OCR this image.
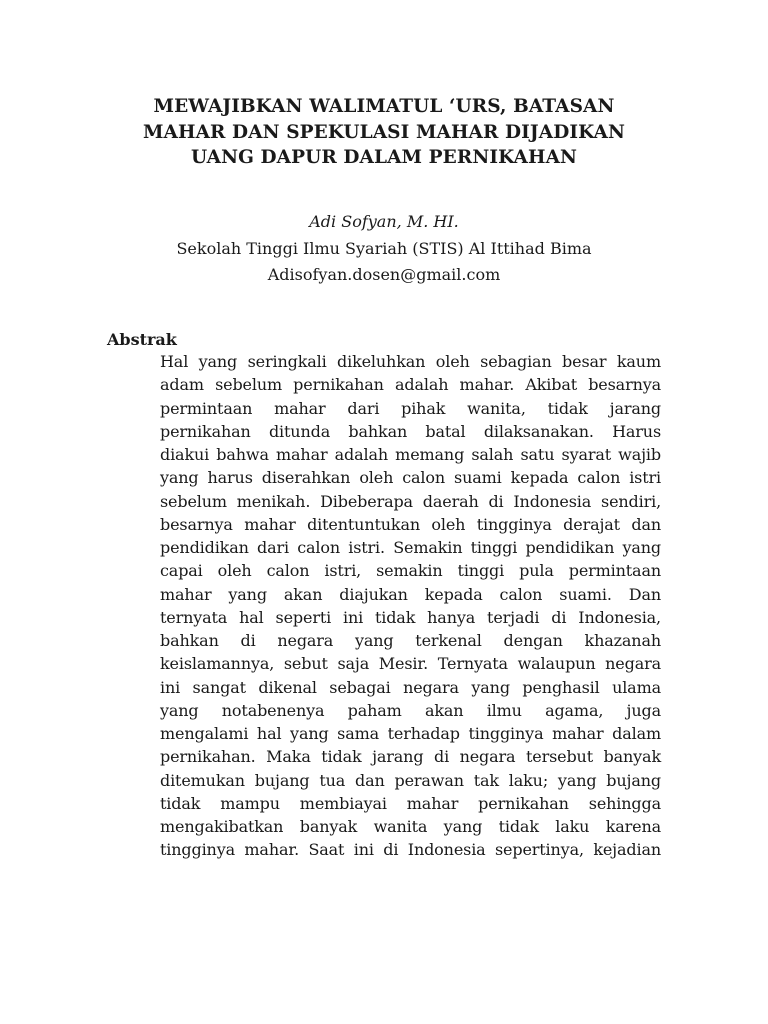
MEWAJIBKAN WALIMATUL ‘URS, BATASAN
MAHAR DAN SPEKULASI MAHAR DIJADIKAN
UANG DAPUR DALAM PERNIKAHAN
Adi Sofyan, M. HI.
Sekolah Tinggi Ilmu Syariah (STIS) Al Ittihad Bima
Adisofyan.dosen@gmail.com
Abstrak
Hal yang seringkali dikeluhkan oleh sebagian besar kaum
adam sebelum pernikahan adalah mahar. Akibat besarnya
permintaan mahar dari pihak wanita, tidak jarang
pernikahan ditunda bahkan batal dilaksanakan. Harus
diakui bahwa mahar adalah memang salah satu syarat wajib
yang harus diserahkan oleh calon suami kepada calon istri
sebelum menikah. Dibeberapa daerah di Indonesia sendiri,
besarnya mahar ditentuntukan oleh tingginya derajat dan
pendidikan dari calon istri. Semakin tinggi pendidikan yang
capai oleh calon istri, semakin tinggi pula permintaan
mahar yang akan diajukan kepada calon suami. Dan
ternyata hal seperti ini tidak hanya terjadi di Indonesia,
bahkan di negara yang terkenal dengan khazanah
keislamannya, sebut saja Mesir. Ternyata walaupun negara
ini sangat dikenal sebagai negara yang penghasil ulama
yang notabenenya paham akan ilmu agama, juga
mengalami hal yang sama terhadap tingginya mahar dalam
pernikahan. Maka tidak jarang di negara tersebut banyak
ditemukan bujang tua dan perawan tak laku; yang bujang
tidak mampu membiayai mahar pernikahan sehingga
mengakibatkan banyak wanita yang tidak laku karena
tingginya mahar. Saat ini di Indonesia sepertinya, kejadian
